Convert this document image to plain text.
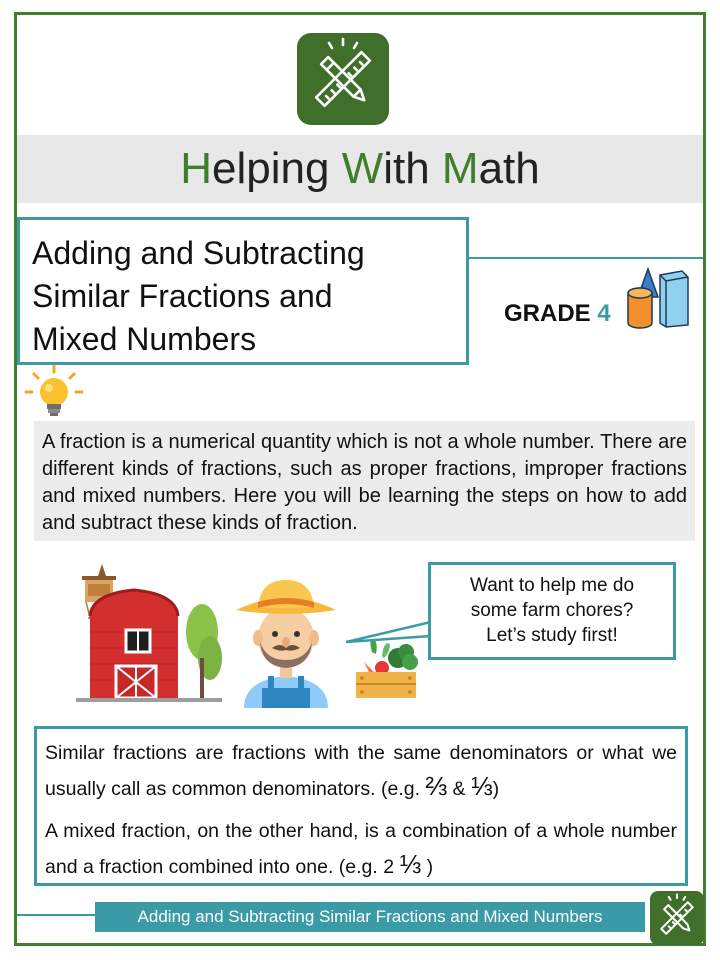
H elping W ith M ath
Adding and Subtracting
Similar Fractions and
Mixed Numbers
GRADE 4
A fraction is a numerical quantity which is not a whole number. There are different kinds of fractions, such as proper fractions, improper fractions and mixed numbers. Here you will be learning the steps on how to add and subtract these kinds of fraction.
Want to help me do
some farm chores?
Let’s study first!

Similar fractions are fractions with the same denominators or what we usually call as common denominators. (e.g. ⅔ & ⅓)

A mixed fraction, on the other hand, is a combination of a whole number and a fraction combined into one. (e.g. 2 ⅓ )

Adding and Subtracting Similar Fractions and Mixed Numbers
